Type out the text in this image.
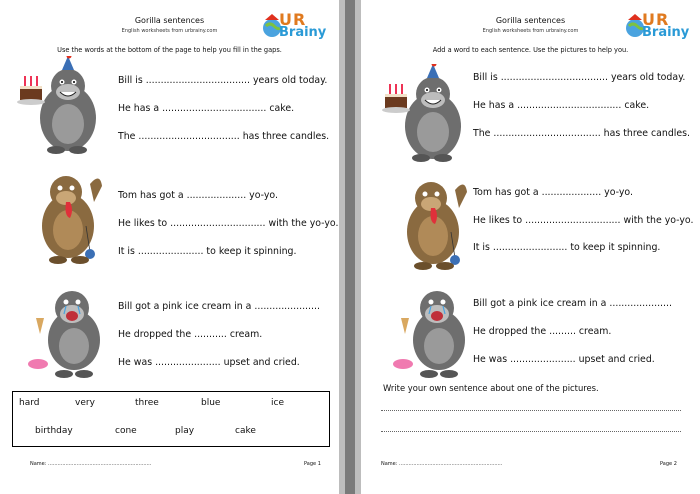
Gorilla sentences
English worksheets from urbrainy.com
UR
Brainy
Use the words at the bottom of the page to help you fill in the gaps.
Bill is ................................... years old today.
He has a ................................... cake.
The .................................. has three candles.
Tom has got a .................... yo-yo.
He likes to ................................ with the yo-yo.
It is ...................... to keep it spinning.
Bill got a pink ice cream in a ......................
He dropped the ........... cream.
He was ...................... upset and cried.
hard	very	three	blue	ice
birthday	cone	play	cake
Name: .................................................................	Page 1
Gorilla sentences
English worksheets from urbrainy.com
UR
Brainy
Add a word to each sentence. Use the pictures to help you.
Bill is .................................... years old today.
He has a ................................... cake.
The .................................... has three candles.
Tom has got a .................... yo-yo.
He likes to ................................ with the yo-yo.
It is ......................... to keep it spinning.
Bill got a pink ice cream in a .....................
He dropped the ......... cream.
He was ...................... upset and cried.
Write your own sentence about one of the pictures.
Name: .................................................................	Page 2
